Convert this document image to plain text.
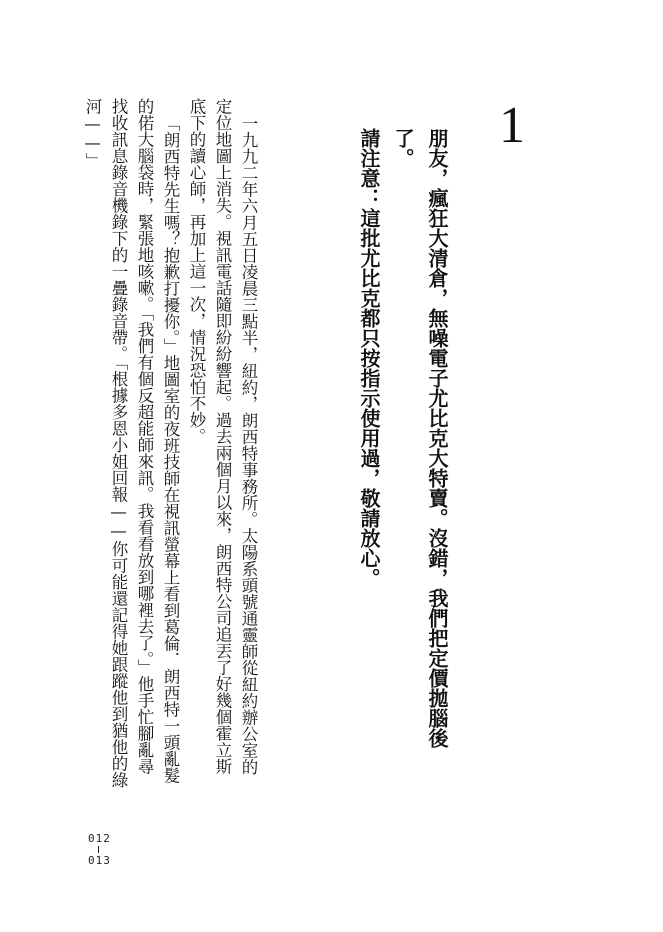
1

朋友，瘋狂大清倉，無噪電子尤比克大特賣。沒錯，我們把定價拋腦後了。

請注意：這批尤比克都只按指示使用過，敬請放心。

一九九二年六月五日凌晨三點半，紐約，朗西特事務所。太陽系頭號通靈師從紐約辦公室的定位地圖上消失。視訊電話隨即紛紛響起。過去兩個月以來，朗西特公司追丟了好幾個霍立斯底下的讀心師，再加上這一次，情況恐怕不妙。

「朗西特先生嗎？抱歉打擾你。」地圖室的夜班技師在視訊螢幕上看到葛倫．朗西特一頭亂髮的偌大腦袋時，緊張地咳嗽。「我們有個反超能師來訊。我看看放到哪裡去了。」他手忙腳亂尋找收訊息錄音機錄下的一疊錄音帶。「根據多恩小姐回報——你可能還記得她跟蹤他到猶他的綠河——」

012
013
